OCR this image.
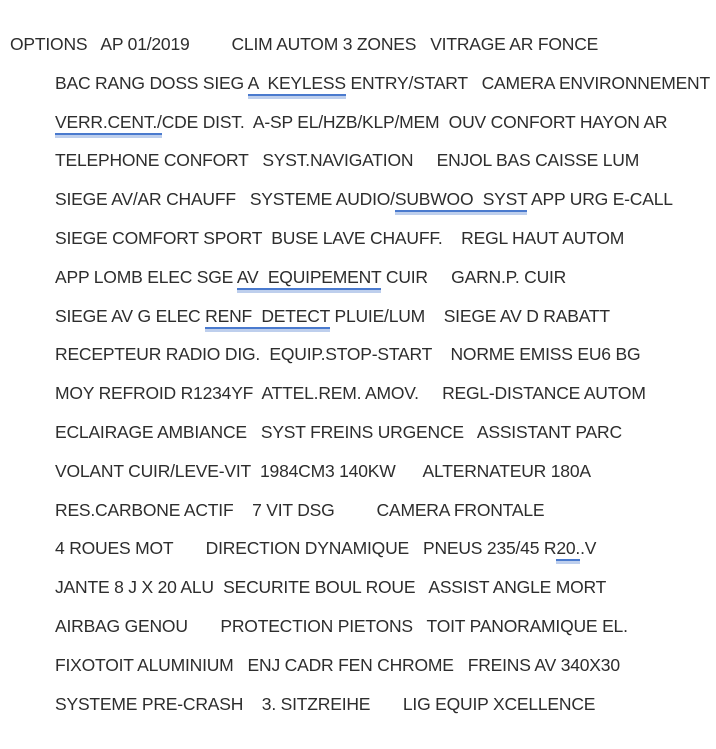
OPTIONS   AP 01/2019         CLIM AUTOM 3 ZONES   VITRAGE AR FONCE
BAC RANG DOSS SIEG A  KEYLESS ENTRY/START   CAMERA ENVIRONNEMENT
VERR.CENT./CDE DIST.  A-SP EL/HZB/KLP/MEM  OUV CONFORT HAYON AR
TELEPHONE CONFORT   SYST.NAVIGATION     ENJOL BAS CAISSE LUM
SIEGE AV/AR CHAUFF   SYSTEME AUDIO/SUBWOO  SYST APP URG E-CALL
SIEGE COMFORT SPORT  BUSE LAVE CHAUFF.    REGL HAUT AUTOM
APP LOMB ELEC SGE AV  EQUIPEMENT CUIR     GARN.P. CUIR
SIEGE AV G ELEC RENF  DETECT PLUIE/LUM    SIEGE AV D RABATT
RECEPTEUR RADIO DIG.  EQUIP.STOP-START    NORME EMISS EU6 BG
MOY REFROID R1234YF  ATTEL.REM. AMOV.     REGL-DISTANCE AUTOM
ECLAIRAGE AMBIANCE   SYST FREINS URGENCE   ASSISTANT PARC
VOLANT CUIR/LEVE-VIT  1984CM3 140KW      ALTERNATEUR 180A
RES.CARBONE ACTIF    7 VIT DSG         CAMERA FRONTALE
4 ROUES MOT       DIRECTION DYNAMIQUE   PNEUS 235/45 R20..V
JANTE 8 J X 20 ALU  SECURITE BOUL ROUE   ASSIST ANGLE MORT
AIRBAG GENOU       PROTECTION PIETONS   TOIT PANORAMIQUE EL.
FIXOTOIT ALUMINIUM   ENJ CADR FEN CHROME   FREINS AV 340X30
SYSTEME PRE-CRASH    3. SITZREIHE       LIG EQUIP XCELLENCE
